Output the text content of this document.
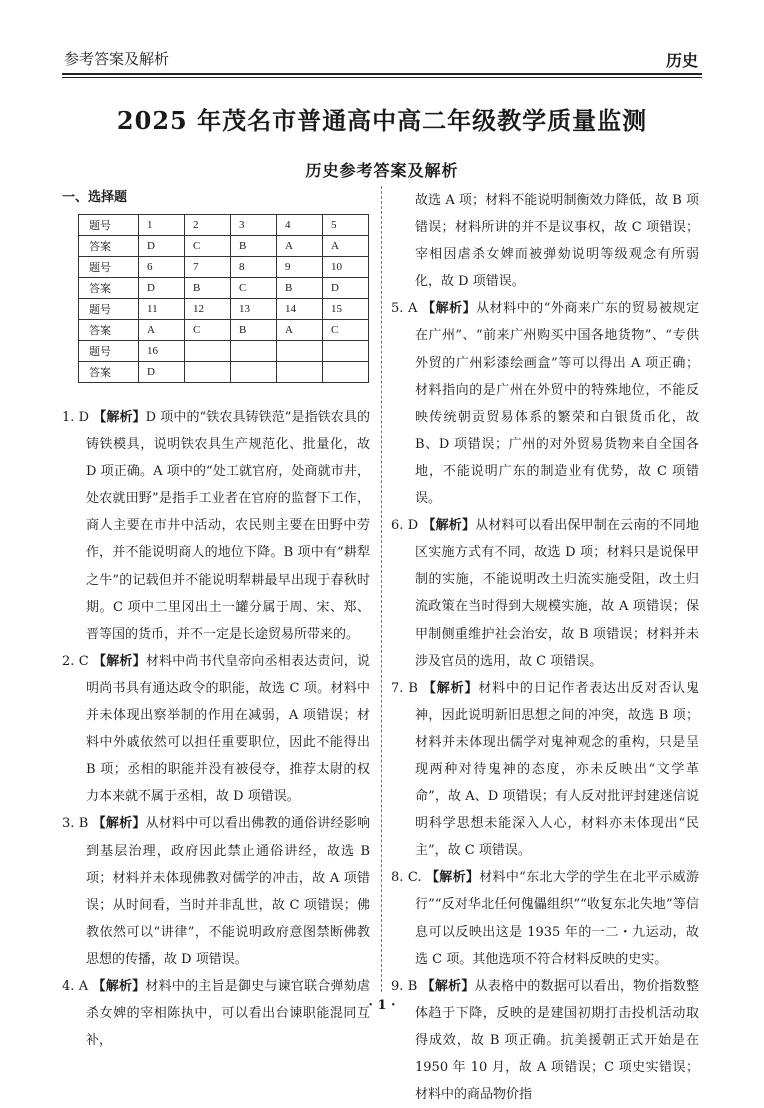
参考答案及解析	历史
2025 年茂名市普通高中高二年级教学质量监测
历史参考答案及解析
一、选择题
题号	1	2	3	4	5
答案	D	C	B	A	A
题号	6	7	8	9	10
答案	D	B	C	B	D
题号	11	12	13	14	15
答案	A	C	B	A	C
题号	16				
答案	D				

1. D 【解析】D 项中的“铁农具铸铁范”是指铁农具的铸铁模具，说明铁农具生产规范化、批量化，故 D 项正确。A 项中的“处工就官府，处商就市井，处农就田野”是指手工业者在官府的监督下工作，商人主要在市井中活动，农民则主要在田野中劳作，并不能说明商人的地位下降。B 项中有“耕犁之牛”的记载但并不能说明犁耕最早出现于春秋时期。C 项中二里冈出土一罐分属于周、宋、郑、晋等国的货币，并不一定是长途贸易所带来的。

2. C 【解析】材料中尚书代皇帝向丞相表达责问，说明尚书具有通达政令的职能，故选 C 项。材料中并未体现出察举制的作用在减弱，A 项错误；材料中外戚依然可以担任重要职位，因此不能得出 B 项；丞相的职能并没有被侵夺，推荐太尉的权力本来就不属于丞相，故 D 项错误。

3. B 【解析】从材料中可以看出佛教的通俗讲经影响到基层治理，政府因此禁止通俗讲经，故选 B 项；材料并未体现佛教对儒学的冲击，故 A 项错误；从时间看，当时并非乱世，故 C 项错误；佛教依然可以“讲律”，不能说明政府意图禁断佛教思想的传播，故 D 项错误。

4. A 【解析】材料中的主旨是御史与谏官联合弹劾虐杀女婢的宰相陈执中，可以看出台谏职能混同互补，

故选 A 项；材料不能说明制衡效力降低，故 B 项错误；材料所讲的并不是议事权，故 C 项错误；宰相因虐杀女婢而被弹劾说明等级观念有所弱化，故 D 项错误。

5. A 【解析】从材料中的“外商来广东的贸易被规定在广州”、“前来广州购买中国各地货物”、“专供外贸的广州彩漆绘画盒”等可以得出 A 项正确；材料指向的是广州在外贸中的特殊地位，不能反映传统朝贡贸易体系的繁荣和白银货币化，故 B、D 项错误；广州的对外贸易货物来自全国各地，不能说明广东的制造业有优势，故 C 项错误。

6. D 【解析】从材料可以看出保甲制在云南的不同地区实施方式有不同，故选 D 项；材料只是说保甲制的实施，不能说明改土归流实施受阻，改土归流政策在当时得到大规模实施，故 A 项错误；保甲制侧重维护社会治安，故 B 项错误；材料并未涉及官员的选用，故 C 项错误。

7. B 【解析】材料中的日记作者表达出反对否认鬼神，因此说明新旧思想之间的冲突，故选 B 项；材料并未体现出儒学对鬼神观念的重构，只是呈现两种对待鬼神的态度，亦未反映出“文学革命”，故 A、D 项错误；有人反对批评封建迷信说明科学思想未能深入人心，材料亦未体现出“民主”，故 C 项错误。

8. C. 【解析】材料中“东北大学的学生在北平示威游行”“反对华北任何傀儡组织”“收复东北失地”等信息可以反映出这是 1935 年的一二・九运动，故选 C 项。其他选项不符合材料反映的史实。

9. B 【解析】从表格中的数据可以看出，物价指数整体趋于下降，反映的是建国初期打击投机活动取得成效，故 B 项正确。抗美援朝正式开始是在 1950 年 10 月，故 A 项错误；C 项史实错误；材料中的商品物价指

· 1 ·
